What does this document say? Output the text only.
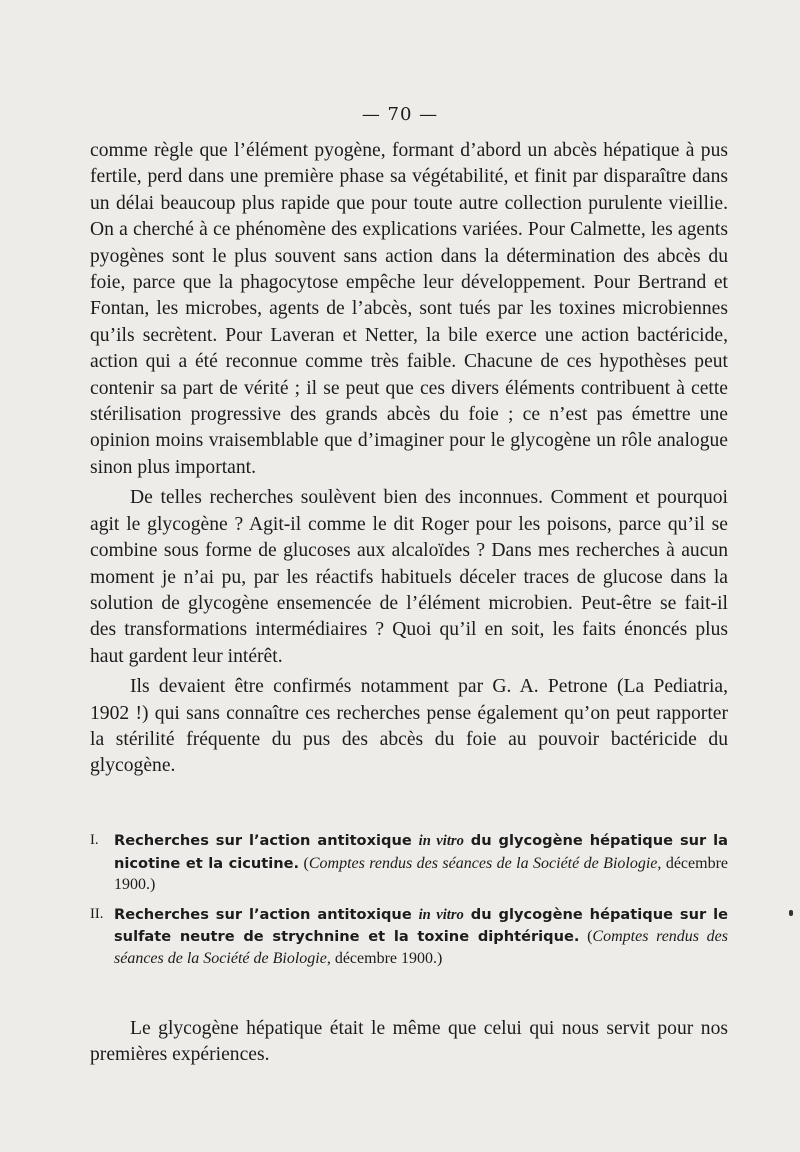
— 70 —

comme règle que l’élément pyogène, formant d’abord un abcès hépatique à pus fertile, perd dans une première phase sa végétabilité, et finit par disparaître dans un délai beaucoup plus rapide que pour toute autre collection purulente vieillie. On a cherché à ce phénomène des explications variées. Pour Calmette, les agents pyogènes sont le plus souvent sans action dans la détermination des abcès du foie, parce que la phagocytose empêche leur développement. Pour Bertrand et Fontan, les microbes, agents de l’abcès, sont tués par les toxines microbiennes qu’ils secrètent. Pour Laveran et Netter, la bile exerce une action bactéricide, action qui a été reconnue comme très faible. Chacune de ces hypothèses peut contenir sa part de vérité ; il se peut que ces divers éléments contribuent à cette stérilisation progressive des grands abcès du foie ; ce n’est pas émettre une opinion moins vraisemblable que d’imaginer pour le glycogène un rôle analogue sinon plus important.

De telles recherches soulèvent bien des inconnues. Comment et pourquoi agit le glycogène ? Agit-il comme le dit Roger pour les poisons, parce qu’il se combine sous forme de glucoses aux alcaloïdes ? Dans mes recherches à aucun moment je n’ai pu, par les réactifs habituels déceler traces de glucose dans la solution de glycogène ensemencée de l’élément microbien. Peut-être se fait-il des transformations intermédiaires ? Quoi qu’il en soit, les faits énoncés plus haut gardent leur intérêt.

Ils devaient être confirmés notamment par G. A. Petrone (La Pediatria, 1902 !) qui sans connaître ces recherches pense également qu’on peut rapporter la stérilité fréquente du pus des abcès du foie au pouvoir bactéricide du glycogène.

I. Recherches sur l’action antitoxique in vitro du glycogène hépatique sur la nicotine et la cicutine. (Comptes rendus des séances de la Société de Biologie, décembre 1900.)
II. Recherches sur l’action antitoxique in vitro du glycogène hépatique sur le sulfate neutre de strychnine et la toxine diphtérique. (Comptes rendus des séances de la Société de Biologie, décembre 1900.)

Le glycogène hépatique était le même que celui qui nous servit pour nos premières expériences.
